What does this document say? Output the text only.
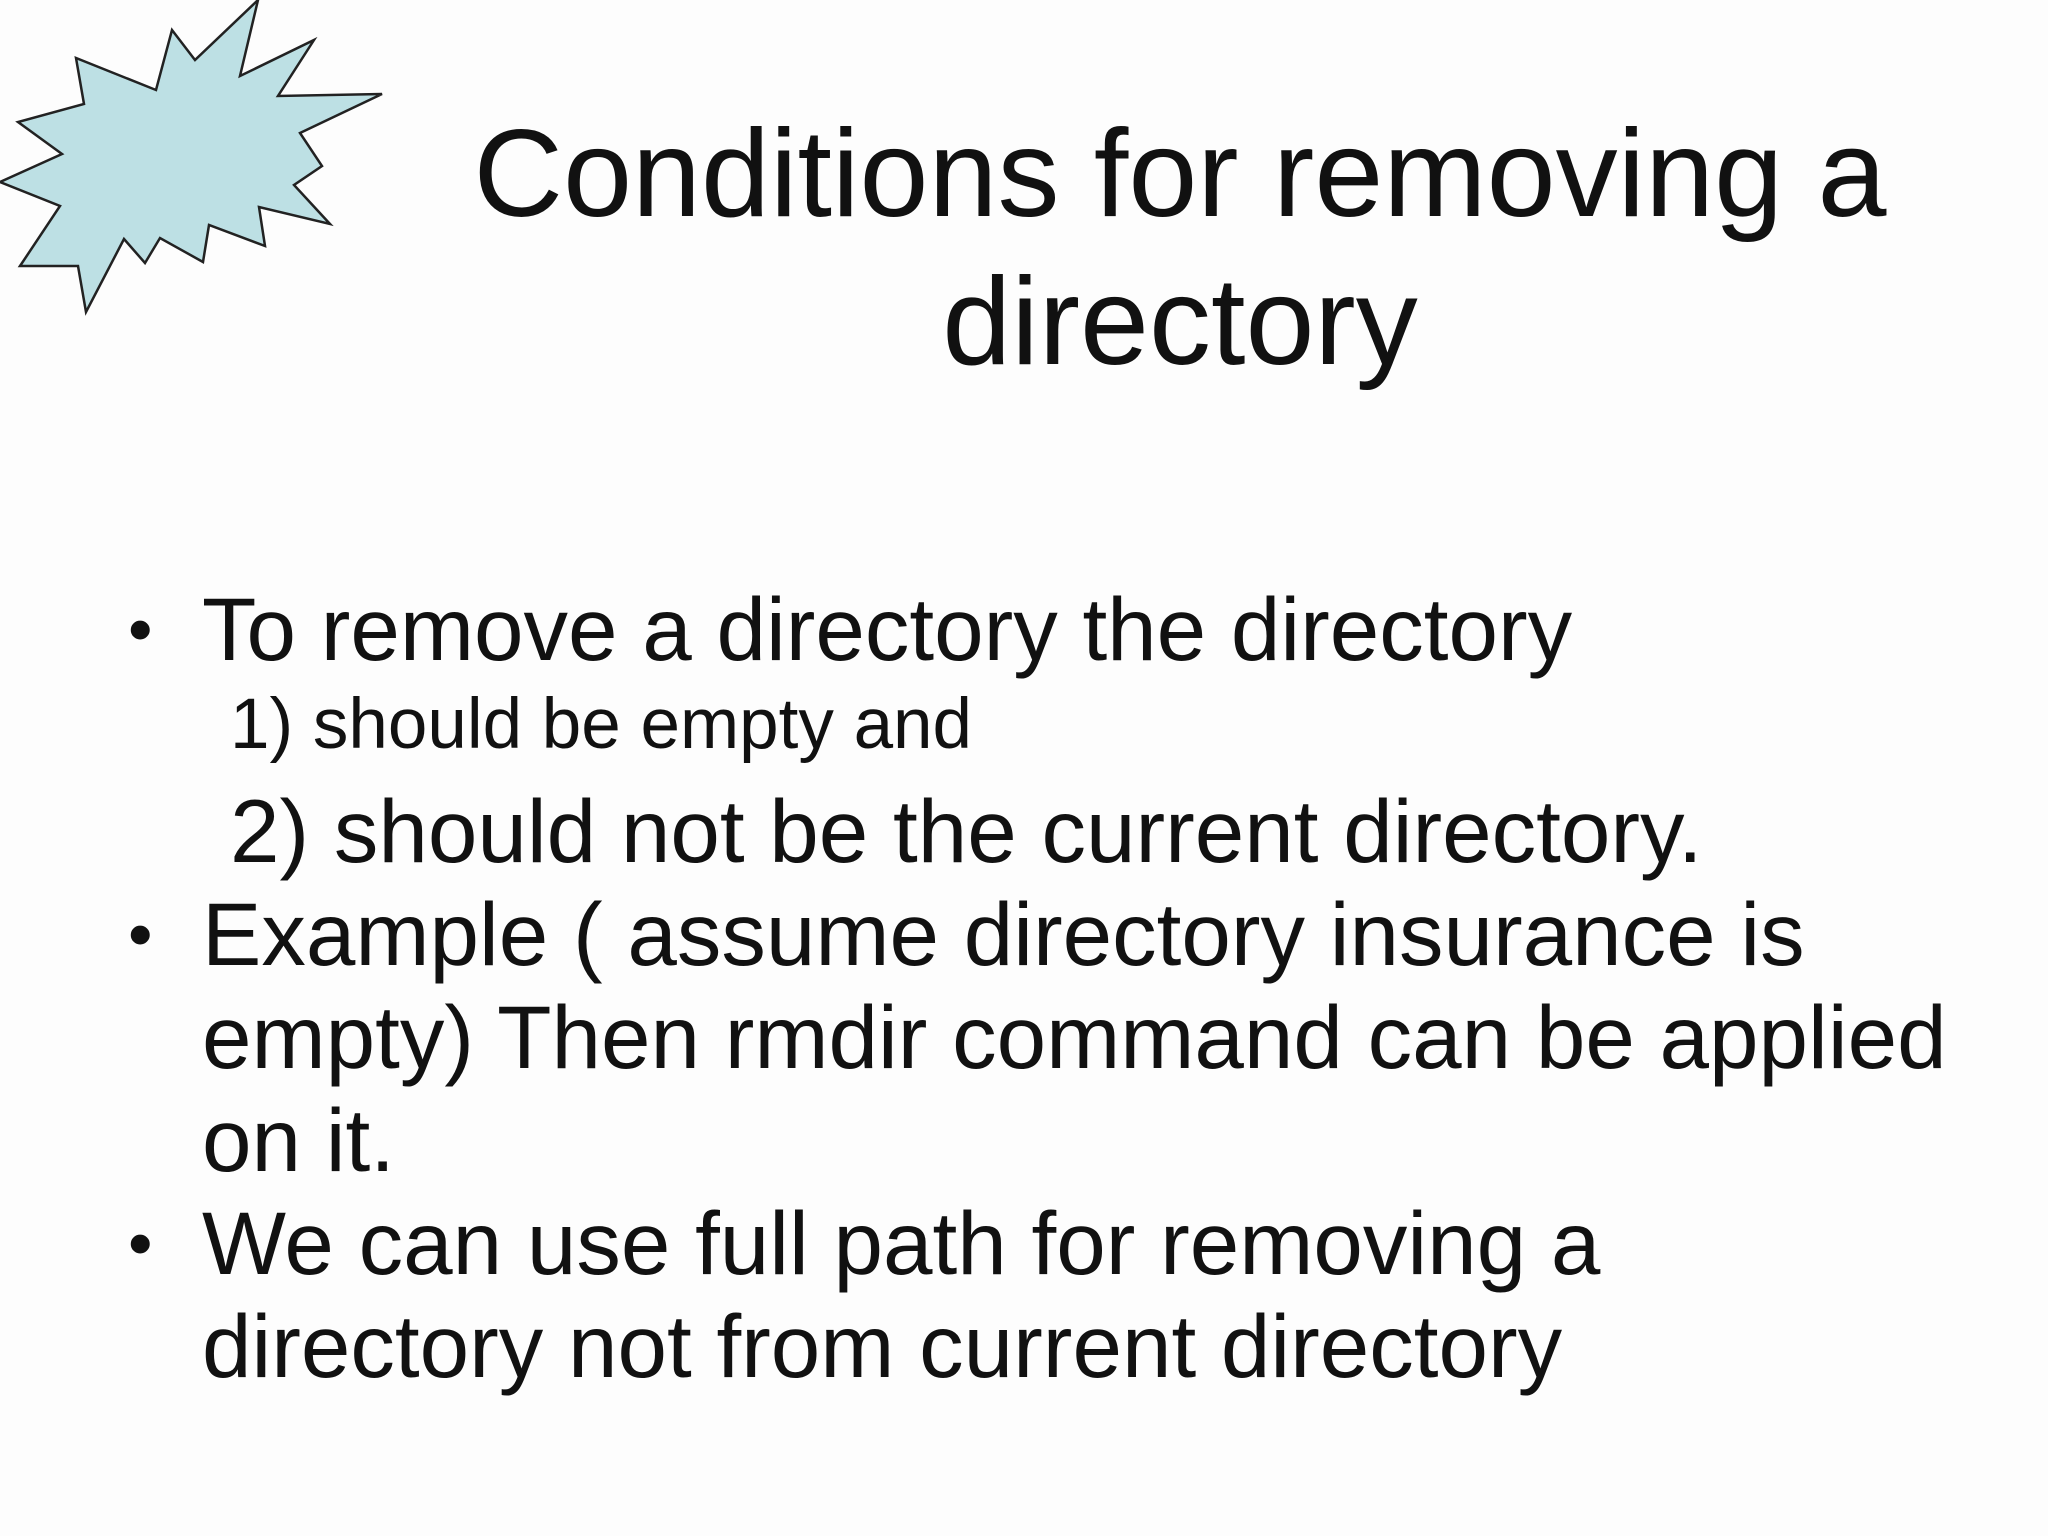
Conditions for removing a
directory
• To remove a directory the directory
1) should be empty and
2) should not be the current directory.
• Example ( assume directory insurance is empty) Then rmdir command can be applied on it.
• We can use full path for removing a directory not from current directory
